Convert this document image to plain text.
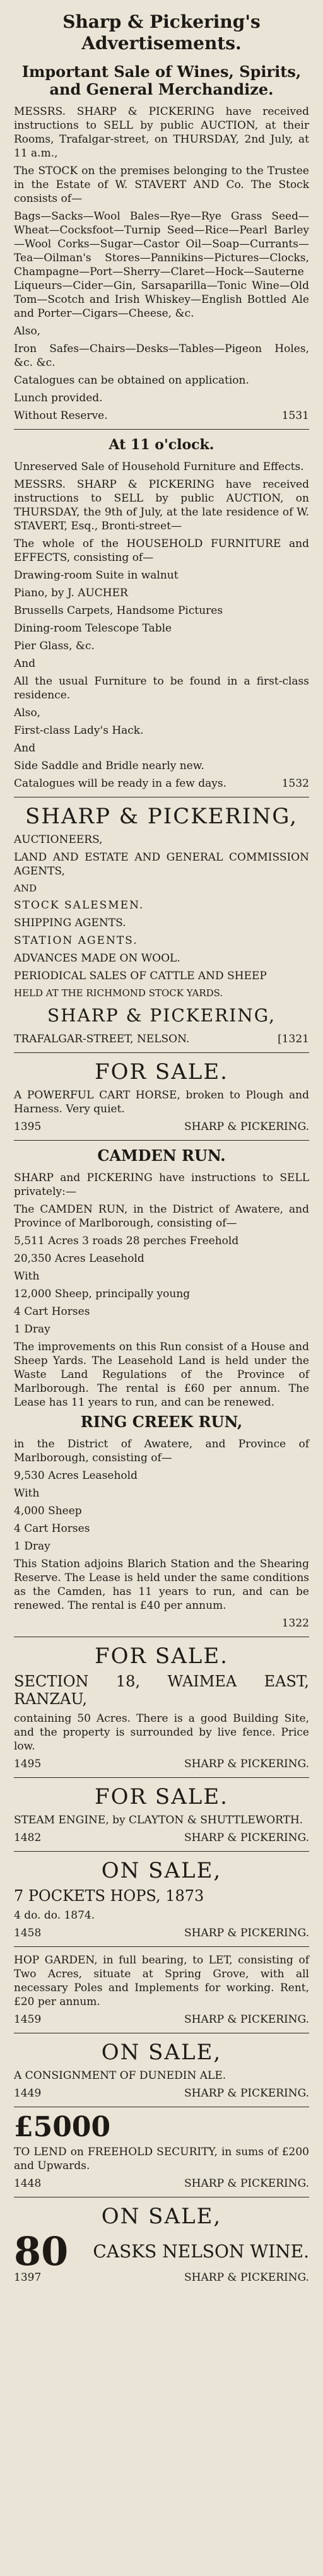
Sharp & Pickering's Advertisements.
Important Sale of Wines, Spirits, and General Merchandize.
MESSRS. SHARP & PICKERING have received instructions to SELL by public AUCTION, at their Rooms, Trafalgar-street, on THURSDAY, 2nd July, at 11 a.m.,
The STOCK on the premises belonging to the Trustee in the Estate of W. STAVERT AND Co. The Stock consists of—
Bags—Sacks—Wool Bales—Rye—Rye Grass Seed—Wheat—Cocksfoot—Turnip Seed—Rice—Pearl Barley—Wool Corks—Sugar—Castor Oil—Soap—Currants—Tea—Oilman's Stores—Pannikins—Pictures—Clocks, Champagne—Port—Sherry—Claret—Hock—Sauterne Liqueurs—Cider—Gin, Sarsaparilla—Tonic Wine—Old Tom—Scotch and Irish Whiskey—English Bottled Ale and Porter—Cigars—Cheese, &c.
Also,
Iron Safes—Chairs—Desks—Tables—Pigeon Holes, &c. &c.
Catalogues can be obtained on application.
Lunch provided.
Without Reserve.	1531
At 11 o'clock.
Unreserved Sale of Household Furniture and Effects.
MESSRS. SHARP & PICKERING have received instructions to SELL by public AUCTION, on THURSDAY, the 9th of July, at the late residence of W. STAVERT, Esq., Bronti-street—
The whole of the HOUSEHOLD FURNITURE and EFFECTS, consisting of—
Drawing-room Suite in walnut
Piano, by J. AUCHER
Brussells Carpets, Handsome Pictures
Dining-room Telescope Table
Pier Glass, &c.
And
All the usual Furniture to be found in a first-class residence.
Also,
First-class Lady's Hack.
And
Side Saddle and Bridle nearly new.
Catalogues will be ready in a few days.	1532
SHARP & PICKERING,
AUCTIONEERS,
LAND AND ESTATE AND GENERAL COMMISSION AGENTS,
AND
STOCK SALESMEN.
SHIPPING AGENTS.
STATION AGENTS.
ADVANCES MADE ON WOOL.
PERIODICAL SALES OF CATTLE AND SHEEP
HELD AT THE RICHMOND STOCK YARDS.
SHARP & PICKERING,
TRAFALGAR-STREET, NELSON.	[1321
FOR SALE.
A POWERFUL CART HORSE, broken to Plough and Harness. Very quiet.
1395	SHARP & PICKERING.
CAMDEN RUN.
SHARP and PICKERING have instructions to SELL privately:—
The CAMDEN RUN, in the District of Awatere, and Province of Marlborough, consisting of—
5,511 Acres 3 roads 28 perches Freehold
20,350 Acres Leasehold
With
12,000 Sheep, principally young
4 Cart Horses
1 Dray
The improvements on this Run consist of a House and Sheep Yards. The Leasehold Land is held under the Waste Land Regulations of the Province of Marlborough. The rental is £60 per annum. The Lease has 11 years to run, and can be renewed.
RING CREEK RUN,
in the District of Awatere, and Province of Marlborough, consisting of—
9,530 Acres Leasehold
With
4,000 Sheep
4 Cart Horses
1 Dray
This Station adjoins Blarich Station and the Shearing Reserve. The Lease is held under the same conditions as the Camden, has 11 years to run, and can be renewed. The rental is £40 per annum.
1322
FOR SALE.
SECTION 18, WAIMEA EAST, RANZAU,
containing 50 Acres. There is a good Building Site, and the property is surrounded by live fence. Price low.
1495	SHARP & PICKERING.
FOR SALE.
STEAM ENGINE, by CLAYTON & SHUTTLEWORTH.
1482	SHARP & PICKERING.
ON SALE,
7 POCKETS HOPS, 1873
4 do. do. 1874.
1458	SHARP & PICKERING.
HOP GARDEN, in full bearing, to LET, consisting of Two Acres, situate at Spring Grove, with all necessary Poles and Implements for working. Rent, £20 per annum.
1459	SHARP & PICKERING.
ON SALE,
A CONSIGNMENT OF DUNEDIN ALE.
1449	SHARP & PICKERING.
£5000
TO LEND on FREEHOLD SECURITY, in sums of £200 and Upwards.
1448	SHARP & PICKERING.
ON SALE,
80 CASKS NELSON WINE.
1397	SHARP & PICKERING.
